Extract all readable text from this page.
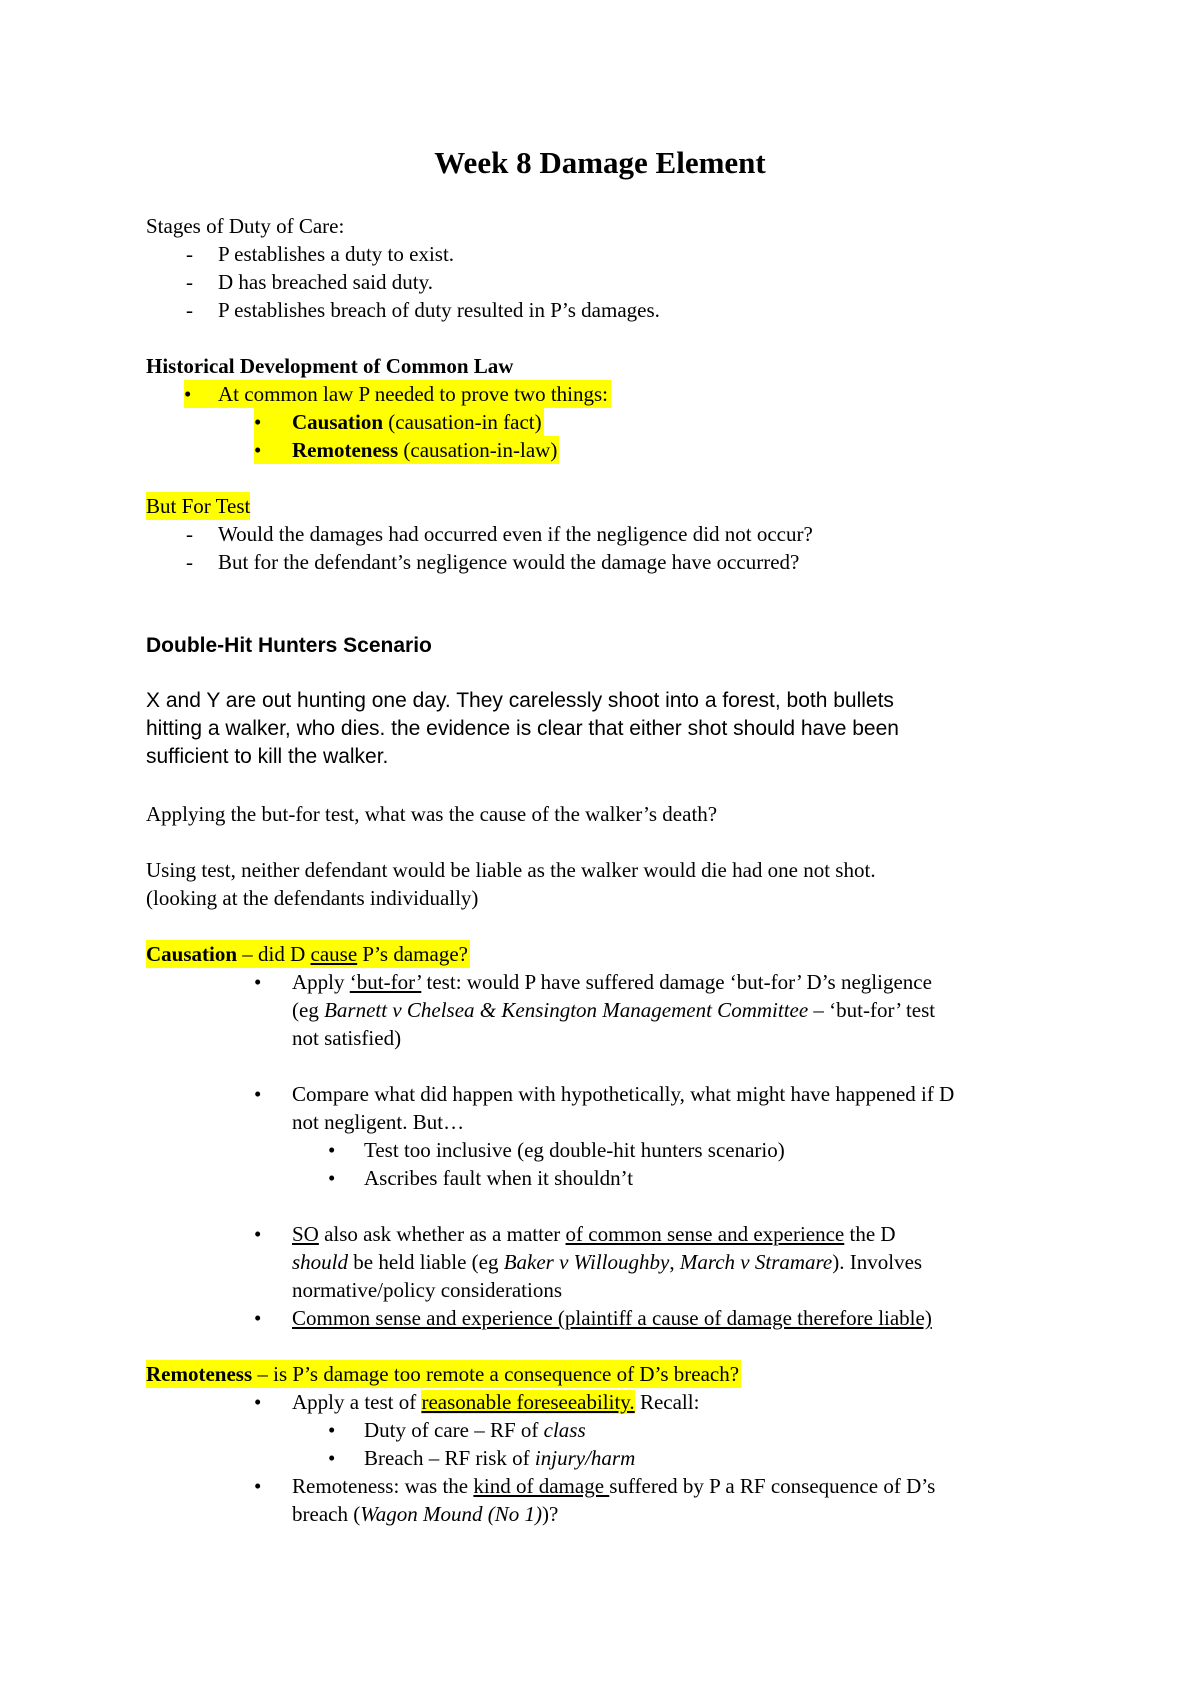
Week 8 Damage Element
Stages of Duty of Care:
- P establishes a duty to exist.
- D has breached said duty.
- P establishes breach of duty resulted in P’s damages.
Historical Development of Common Law
• At common law P needed to prove two things:
• Causation (causation-in fact)
• Remoteness (causation-in-law)
But For Test
- Would the damages had occurred even if the negligence did not occur?
- But for the defendant’s negligence would the damage have occurred?
Double-Hit Hunters Scenario
X and Y are out hunting one day. They carelessly shoot into a forest, both bullets
hitting a walker, who dies. the evidence is clear that either shot should have been
sufficient to kill the walker.
Applying the but-for test, what was the cause of the walker’s death?
Using test, neither defendant would be liable as the walker would die had one not shot.
(looking at the defendants individually)
Causation – did D cause P’s damage?
• Apply ‘but-for’ test: would P have suffered damage ‘but-for’ D’s negligence
(eg Barnett v Chelsea & Kensington Management Committee – ‘but-for’ test
not satisfied)
• Compare what did happen with hypothetically, what might have happened if D
not negligent. But…
• Test too inclusive (eg double-hit hunters scenario)
• Ascribes fault when it shouldn’t
• SO also ask whether as a matter of common sense and experience the D
should be held liable (eg Baker v Willoughby, March v Stramare). Involves
normative/policy considerations
• Common sense and experience (plaintiff a cause of damage therefore liable)
Remoteness – is P’s damage too remote a consequence of D’s breach?
• Apply a test of reasonable foreseeability. Recall:
• Duty of care – RF of class
• Breach – RF risk of injury/harm
• Remoteness: was the kind of damage suffered by P a RF consequence of D’s
breach (Wagon Mound (No 1))?
